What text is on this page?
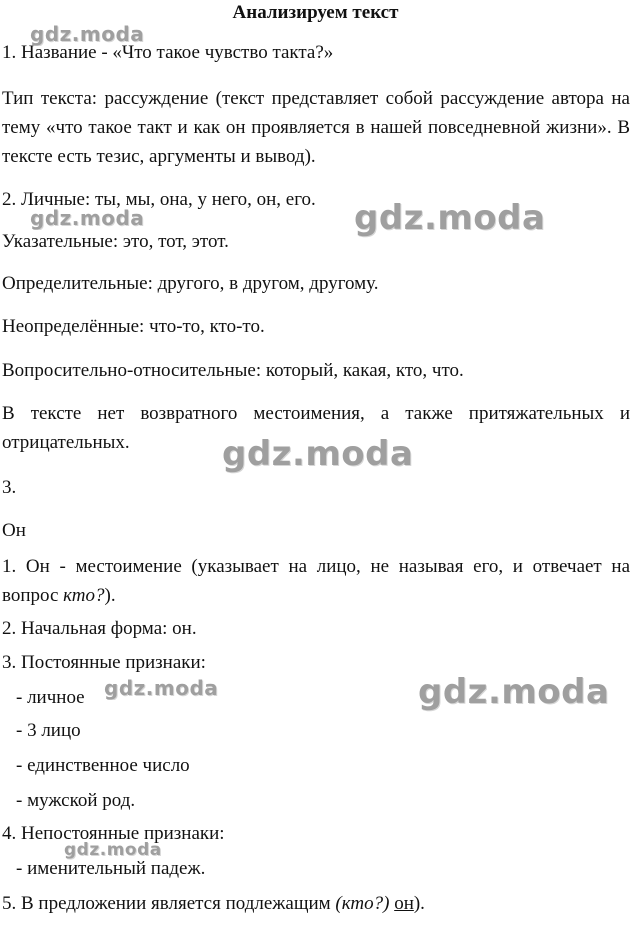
Анализируем текст
1. Название - «Что такое чувство такта?»
Тип текста: рассуждение (текст представляет собой рассуждение автора на тему «что такое такт и как он проявляется в нашей повседневной жизни». В тексте есть тезис, аргументы и вывод).
2. Личные: ты, мы, она, у него, он, его.
Указательные: это, тот, этот.
Определительные: другого, в другом, другому.
Неопределённые: что-то, кто-то.
Вопросительно-относительные: который, какая, кто, что.
В тексте нет возвратного местоимения, а также притяжательных и отрицательных.
3.
Он
1. Он - местоимение (указывает на лицо, не называя его, и отвечает на вопрос кто?).
2. Начальная форма: он.
3. Постоянные признаки:
- личное
- 3 лицо
- единственное число
- мужской род.
4. Непостоянные признаки:
- именительный падеж.
5. В предложении является подлежащим (кто?) он).
gdz.moda
gdz.moda	gdz.moda
gdz.moda
gdz.moda	gdz.moda
gdz.moda
